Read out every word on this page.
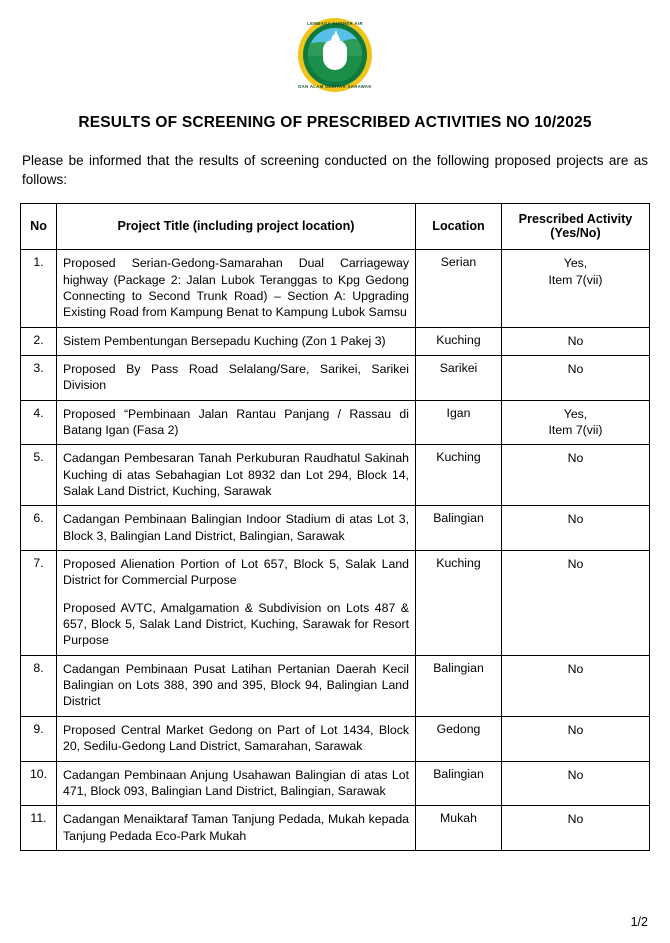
LEMBAGA SUMBER AIR
DAN ALAM SEKITAR SARAWAK
RESULTS OF SCREENING OF PRESCRIBED ACTIVITIES NO 10/2025

Please be informed that the results of screening conducted on the following proposed projects are as follows:

No	Project Title (including project location)	Location	Prescribed Activity (Yes/No)
1.	Proposed Serian-Gedong-Samarahan Dual Carriageway highway (Package 2: Jalan Lubok Teranggas to Kpg Gedong Connecting to Second Trunk Road) – Section A: Upgrading Existing Road from Kampung Benat to Kampung Lubok Samsu	Serian	Yes,
Item 7(vii)
2.	Sistem Pembentungan Bersepadu Kuching (Zon 1 Pakej 3)	Kuching	No
3.	Proposed By Pass Road Selalang/Sare, Sarikei, Sarikei Division	Sarikei	No
4.	Proposed “Pembinaan Jalan Rantau Panjang / Rassau di Batang Igan (Fasa 2)	Igan	Yes,
Item 7(vii)
5.	Cadangan Pembesaran Tanah Perkuburan Raudhatul Sakinah Kuching di atas Sebahagian Lot 8932 dan Lot 294, Block 14, Salak Land District, Kuching, Sarawak	Kuching	No
6.	Cadangan Pembinaan Balingian Indoor Stadium di atas Lot 3, Block 3, Balingian Land District, Balingian, Sarawak	Balingian	No
7.	Proposed Alienation Portion of Lot 657, Block 5, Salak Land District for Commercial Purpose

Proposed AVTC, Amalgamation & Subdivision on Lots 487 & 657, Block 5, Salak Land District, Kuching, Sarawak for Resort Purpose	Kuching	No
8.	Cadangan Pembinaan Pusat Latihan Pertanian Daerah Kecil Balingian on Lots 388, 390 and 395, Block 94, Balingian Land District	Balingian	No
9.	Proposed Central Market Gedong on Part of Lot 1434, Block 20, Sedilu-Gedong Land District, Samarahan, Sarawak	Gedong	No
10.	Cadangan Pembinaan Anjung Usahawan Balingian di atas Lot 471, Block 093, Balingian Land District, Balingian, Sarawak	Balingian	No
11.	Cadangan Menaiktaraf Taman Tanjung Pedada, Mukah kepada Tanjung Pedada Eco-Park Mukah	Mukah	No
1/2
